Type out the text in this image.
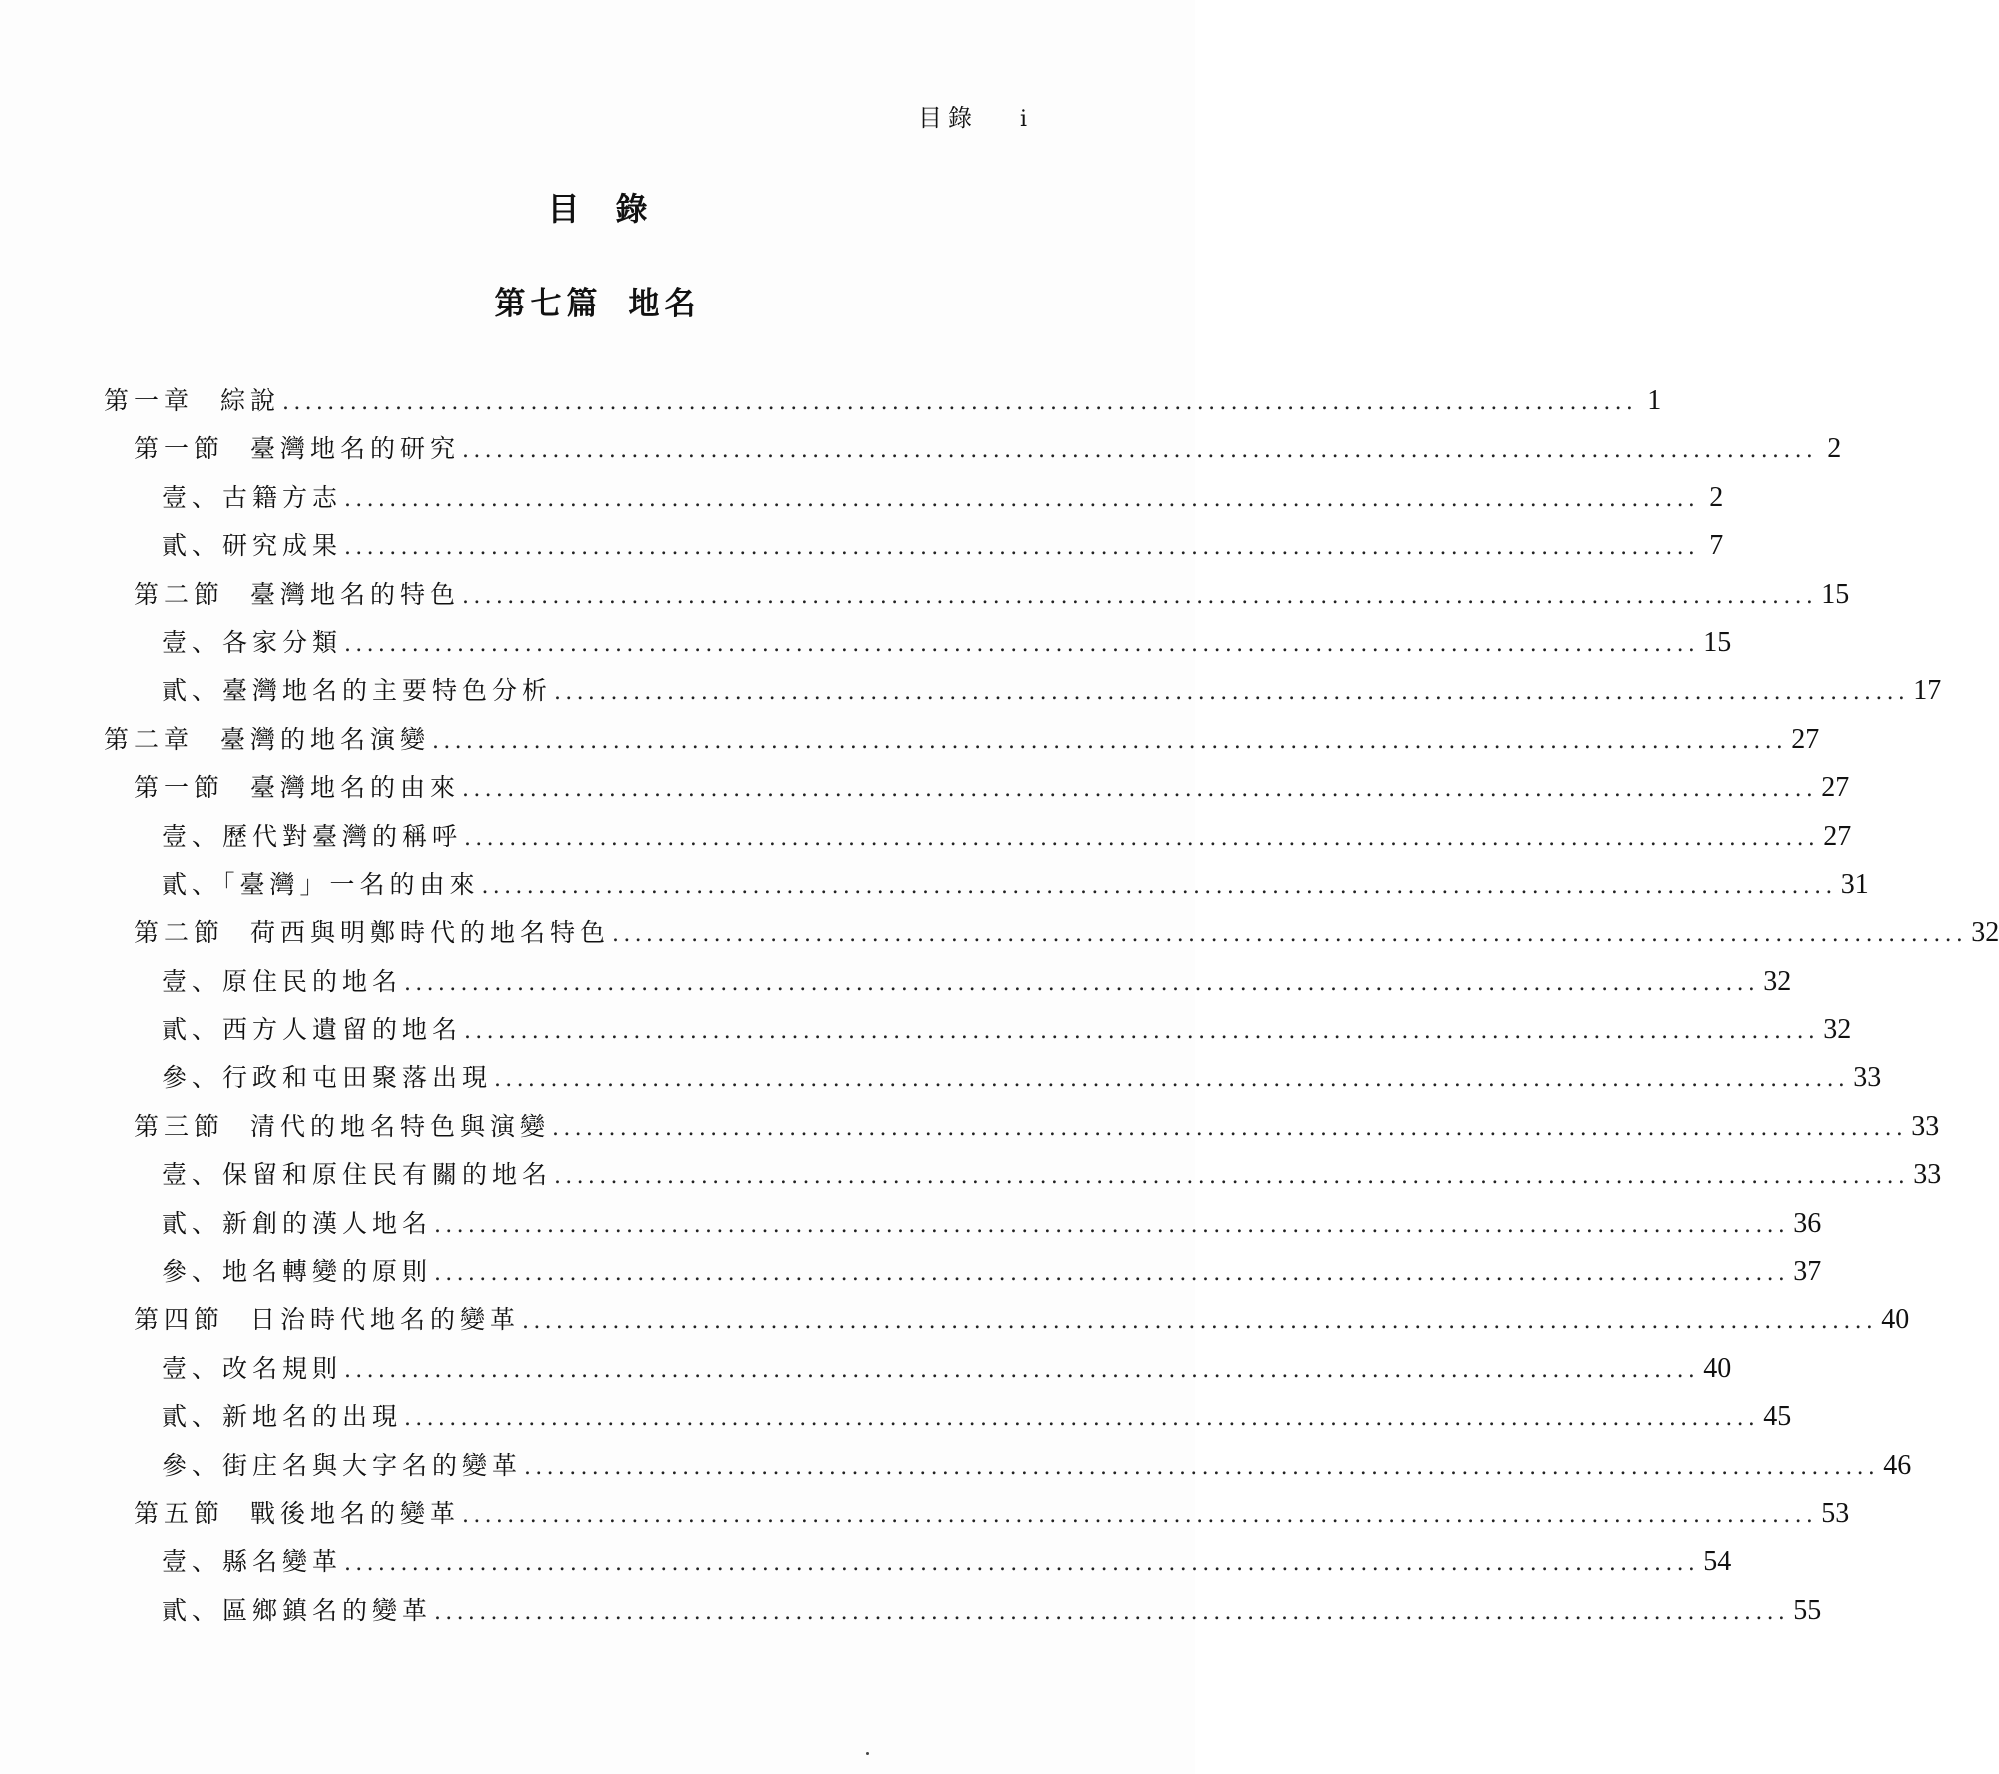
目錄 i
目錄
第七篇 地名
第一章 綜說 ........................................................................................................................ 1
第一節 臺灣地名的研究 ........................................................................................................................ 2
壹、古籍方志 ........................................................................................................................ 2
貳、研究成果 ........................................................................................................................ 7
第二節 臺灣地名的特色 ........................................................................................................................ 15
壹、各家分類 ........................................................................................................................ 15
貳、臺灣地名的主要特色分析 ........................................................................................................................ 17
第二章 臺灣的地名演變 ........................................................................................................................ 27
第一節 臺灣地名的由來 ........................................................................................................................ 27
壹、歷代對臺灣的稱呼 ........................................................................................................................ 27
貳、「臺灣」一名的由來 ........................................................................................................................ 31
第二節 荷西與明鄭時代的地名特色 ........................................................................................................................ 32
壹、原住民的地名 ........................................................................................................................ 32
貳、西方人遺留的地名 ........................................................................................................................ 32
參、行政和屯田聚落出現 ........................................................................................................................ 33
第三節 清代的地名特色與演變 ........................................................................................................................ 33
壹、保留和原住民有關的地名 ........................................................................................................................ 33
貳、新創的漢人地名 ........................................................................................................................ 36
參、地名轉變的原則 ........................................................................................................................ 37
第四節 日治時代地名的變革 ........................................................................................................................ 40
壹、改名規則 ........................................................................................................................ 40
貳、新地名的出現 ........................................................................................................................ 45
參、街庄名與大字名的變革 ........................................................................................................................ 46
第五節 戰後地名的變革 ........................................................................................................................ 53
壹、縣名變革 ........................................................................................................................ 54
貳、區鄉鎮名的變革 ........................................................................................................................ 55
